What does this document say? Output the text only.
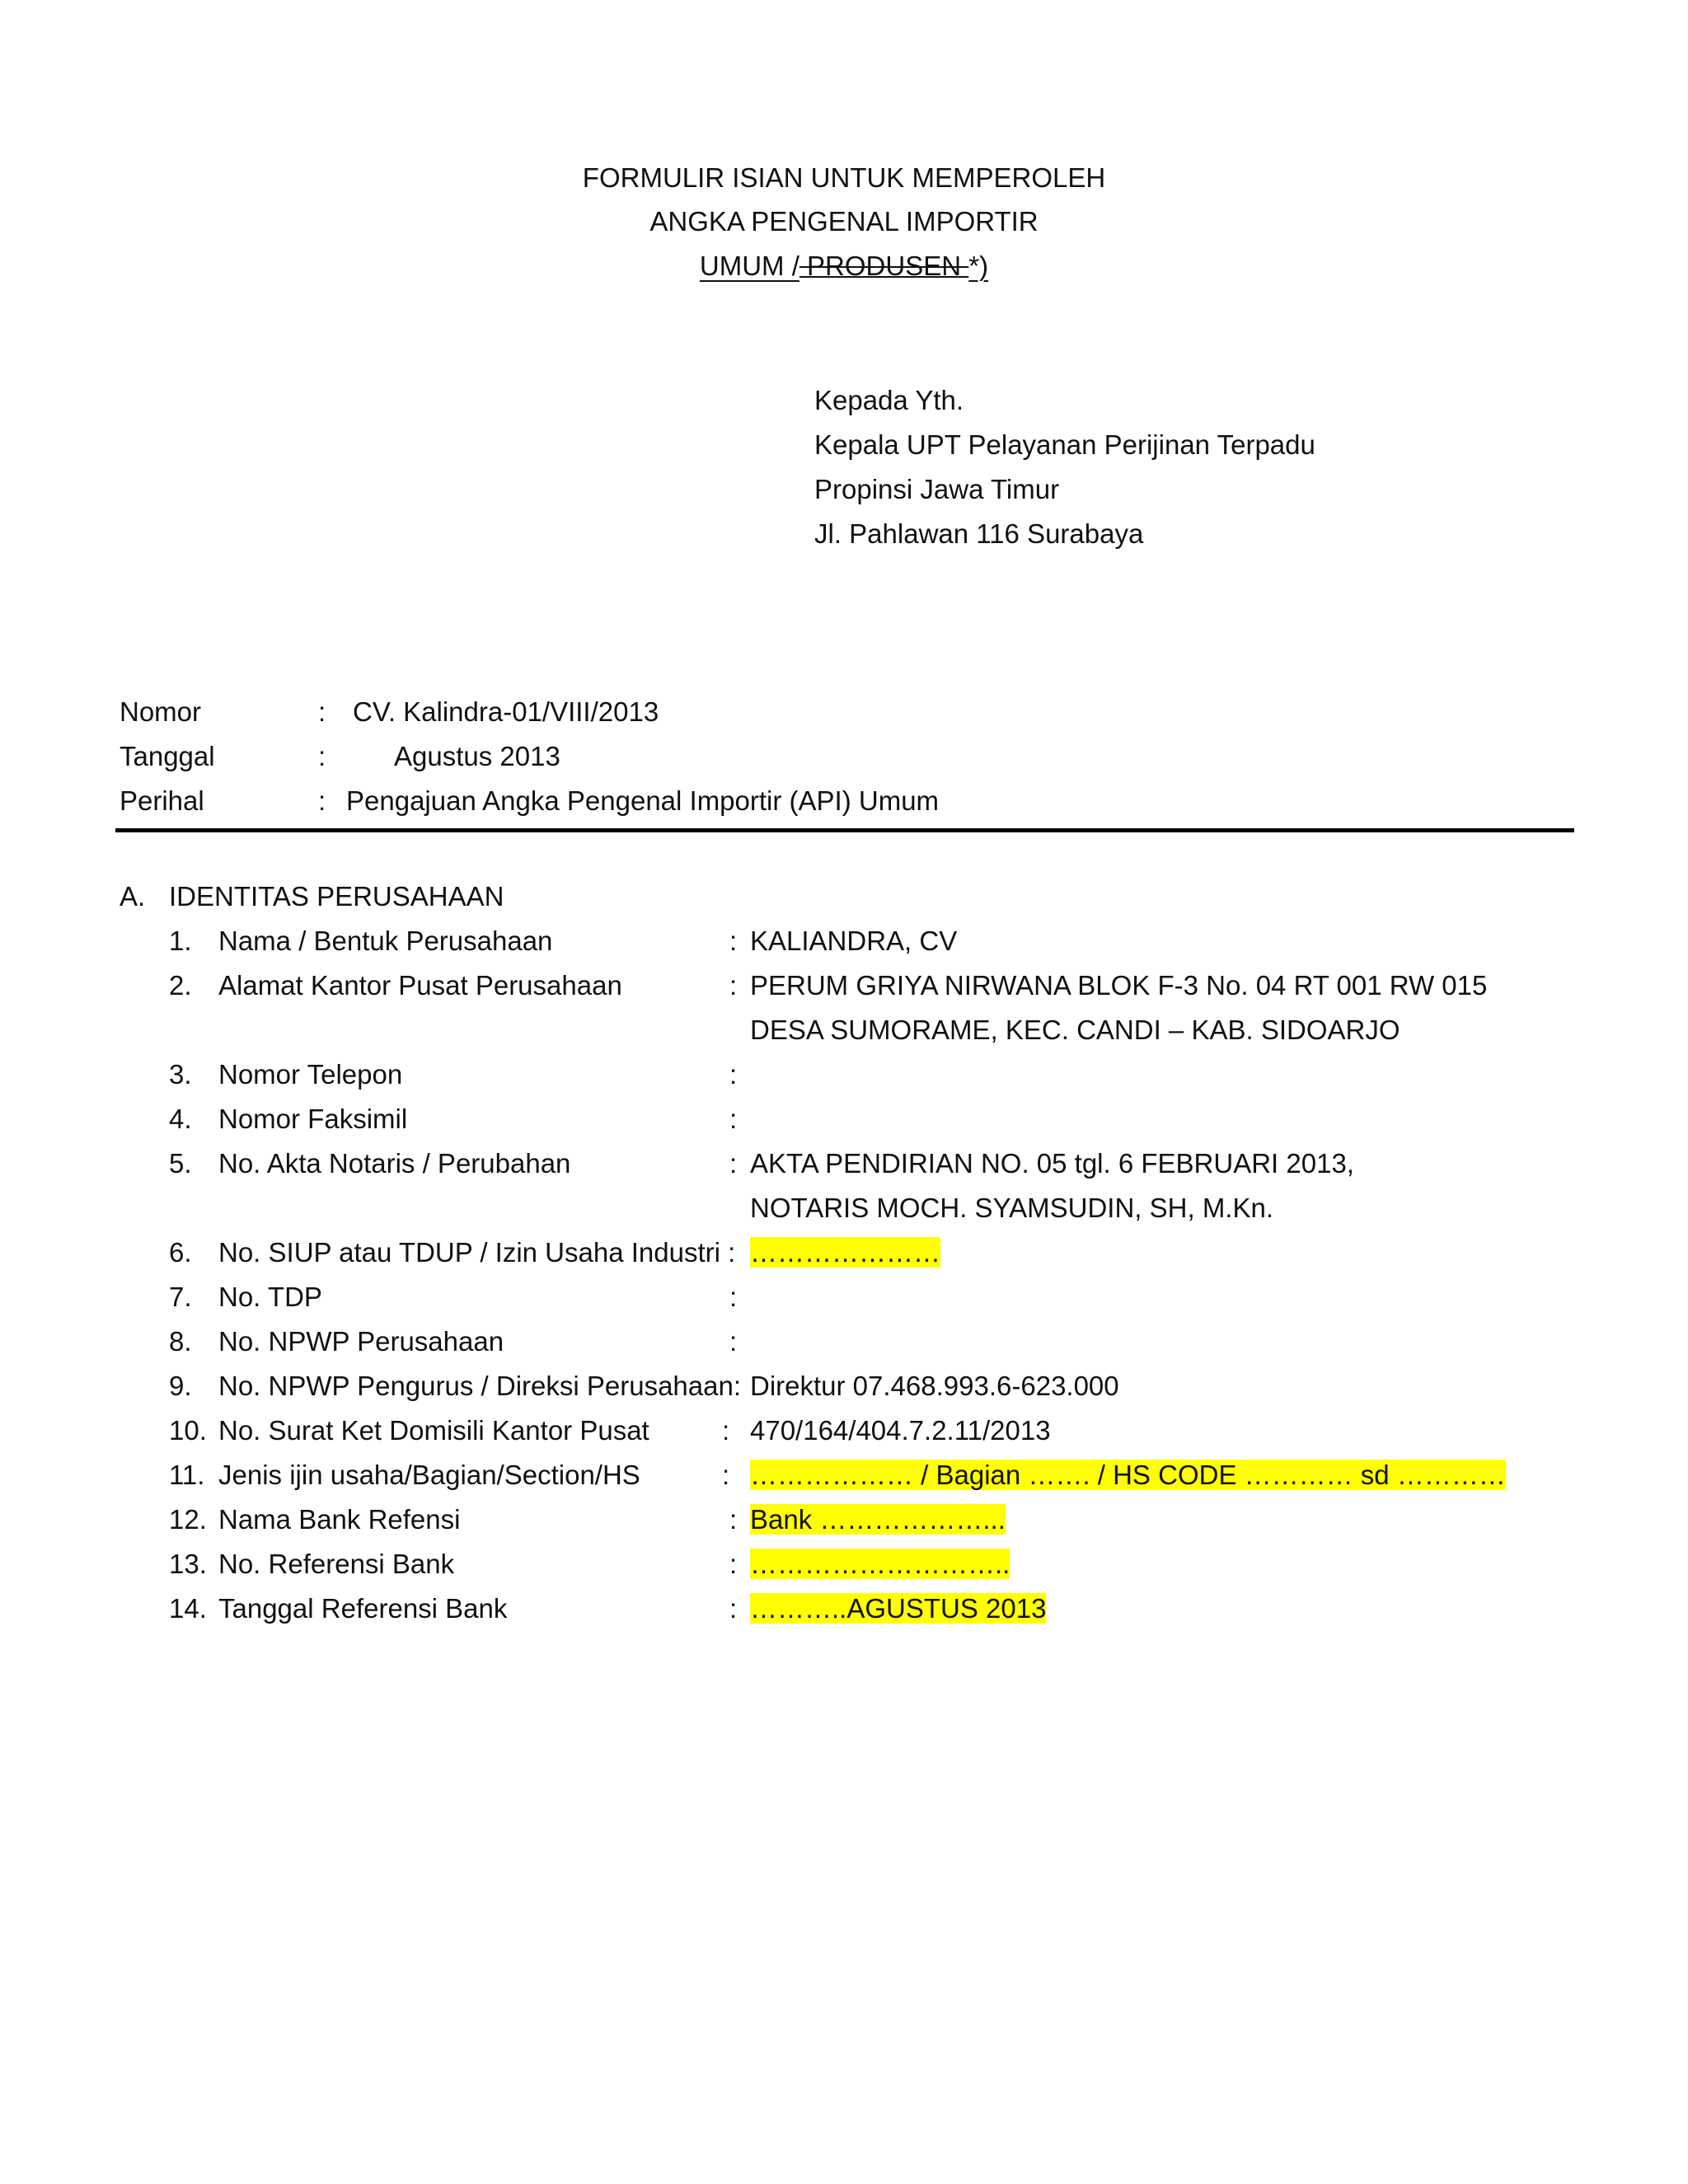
FORMULIR ISIAN UNTUK MEMPEROLEH

ANGKA PENGENAL IMPORTIR

UMUM / PRODUSEN *)

Kepada Yth.

Kepala UPT Pelayanan Perijinan Terpadu

Propinsi Jawa Timur

Jl. Pahlawan 116 Surabaya

Nomor	: CV. Kalindra-01/VIII/2013

Tanggal	:	Agustus 2013

Perihal	: Pengajuan Angka Pengenal Importir (API) Umum

A. IDENTITAS PERUSAHAAN

1. Nama / Bentuk Perusahaan	: KALIANDRA, CV

2. Alamat Kantor Pusat Perusahaan	: PERUM GRIYA NIRWANA BLOK F-3 No. 04 RT 001 RW 015

DESA SUMORAME, KEC. CANDI – KAB. SIDOARJO

3. Nomor Telepon	:

4. Nomor Faksimil	:

5. No. Akta Notaris / Perubahan	: AKTA PENDIRIAN NO. 05 tgl. 6 FEBRUARI 2013,

NOTARIS MOCH. SYAMSUDIN, SH, M.Kn.

6. No. SIUP atau TDUP / Izin Usaha Industri : …………………

7. No. TDP	:

8. No. NPWP Perusahaan	:

9. No. NPWP Pengurus / Direksi Perusahaan: Direktur 07.468.993.6-623.000

10. No. Surat Ket Domisili Kantor Pusat	: 470/164/404.7.2.11/2013

11. Jenis ijin usaha/Bagian/Section/HS	: ……………… / Bagian ……. / HS CODE ………… sd …………

12. Nama Bank Refensi	: Bank ………………...

13. No. Referensi Bank	: ………………………..

14. Tanggal Referensi Bank	: ………..AGUSTUS 2013
